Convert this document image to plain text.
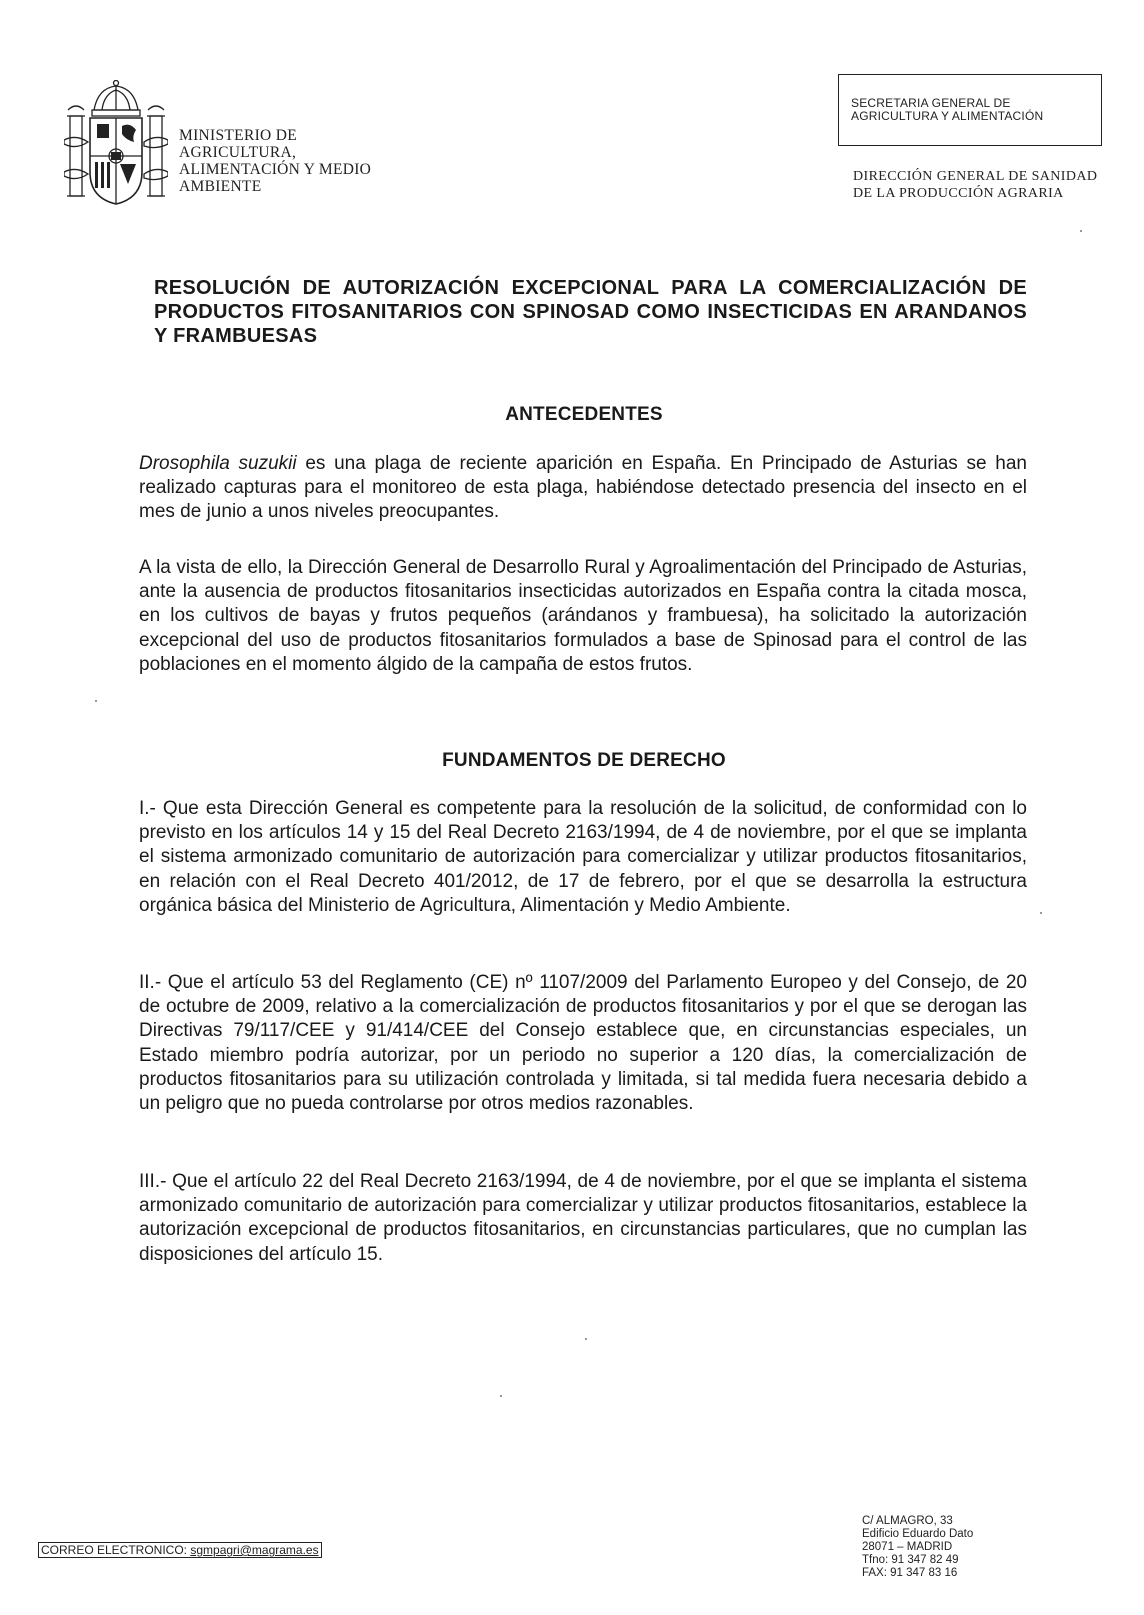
MINISTERIO DE
AGRICULTURA,
ALIMENTACIÓN Y MEDIO
AMBIENTE
SECRETARIA GENERAL DE
AGRICULTURA Y ALIMENTACIÓN
DIRECCIÓN GENERAL DE SANIDAD
DE LA PRODUCCIÓN AGRARIA
RESOLUCIÓN DE AUTORIZACIÓN EXCEPCIONAL PARA LA COMERCIALIZACIÓN DE PRODUCTOS FITOSANITARIOS CON SPINOSAD COMO INSECTICIDAS EN ARANDANOS Y FRAMBUESAS
ANTECEDENTES
Drosophila suzukii es una plaga de reciente aparición en España. En Principado de Asturias se han realizado capturas para el monitoreo de esta plaga, habiéndose detectado presencia del insecto en el mes de junio a unos niveles preocupantes.
A la vista de ello, la Dirección General de Desarrollo Rural y Agroalimentación del Principado de Asturias, ante la ausencia de productos fitosanitarios insecticidas autorizados en España contra la citada mosca, en los cultivos de bayas y frutos pequeños (arándanos y frambuesa), ha solicitado la autorización excepcional del uso de productos fitosanitarios formulados a base de Spinosad para el control de las poblaciones en el momento álgido de la campaña de estos frutos.
FUNDAMENTOS DE DERECHO
I.- Que esta Dirección General es competente para la resolución de la solicitud, de conformidad con lo previsto en los artículos 14 y 15 del Real Decreto 2163/1994, de 4 de noviembre, por el que se implanta el sistema armonizado comunitario de autorización para comercializar y utilizar productos fitosanitarios, en relación con el Real Decreto 401/2012, de 17 de febrero, por el que se desarrolla la estructura orgánica básica del Ministerio de Agricultura, Alimentación y Medio Ambiente.
II.- Que el artículo 53 del Reglamento (CE) nº 1107/2009 del Parlamento Europeo y del Consejo, de 20 de octubre de 2009, relativo a la comercialización de productos fitosanitarios y por el que se derogan las Directivas 79/117/CEE y 91/414/CEE del Consejo establece que, en circunstancias especiales, un Estado miembro podría autorizar, por un periodo no superior a 120 días, la comercialización de productos fitosanitarios para su utilización controlada y limitada, si tal medida fuera necesaria debido a un peligro que no pueda controlarse por otros medios razonables.
III.- Que el artículo 22 del Real Decreto 2163/1994, de 4 de noviembre, por el que se implanta el sistema armonizado comunitario de autorización para comercializar y utilizar productos fitosanitarios, establece la autorización excepcional de productos fitosanitarios, en circunstancias particulares, que no cumplan las disposiciones del artículo 15.
CORREO ELECTRONICO: sgmpagri@magrama.es
C/ ALMAGRO, 33
Edificio Eduardo Dato
28071 – MADRID
Tfno: 91 347 82 49
FAX: 91 347 83 16
